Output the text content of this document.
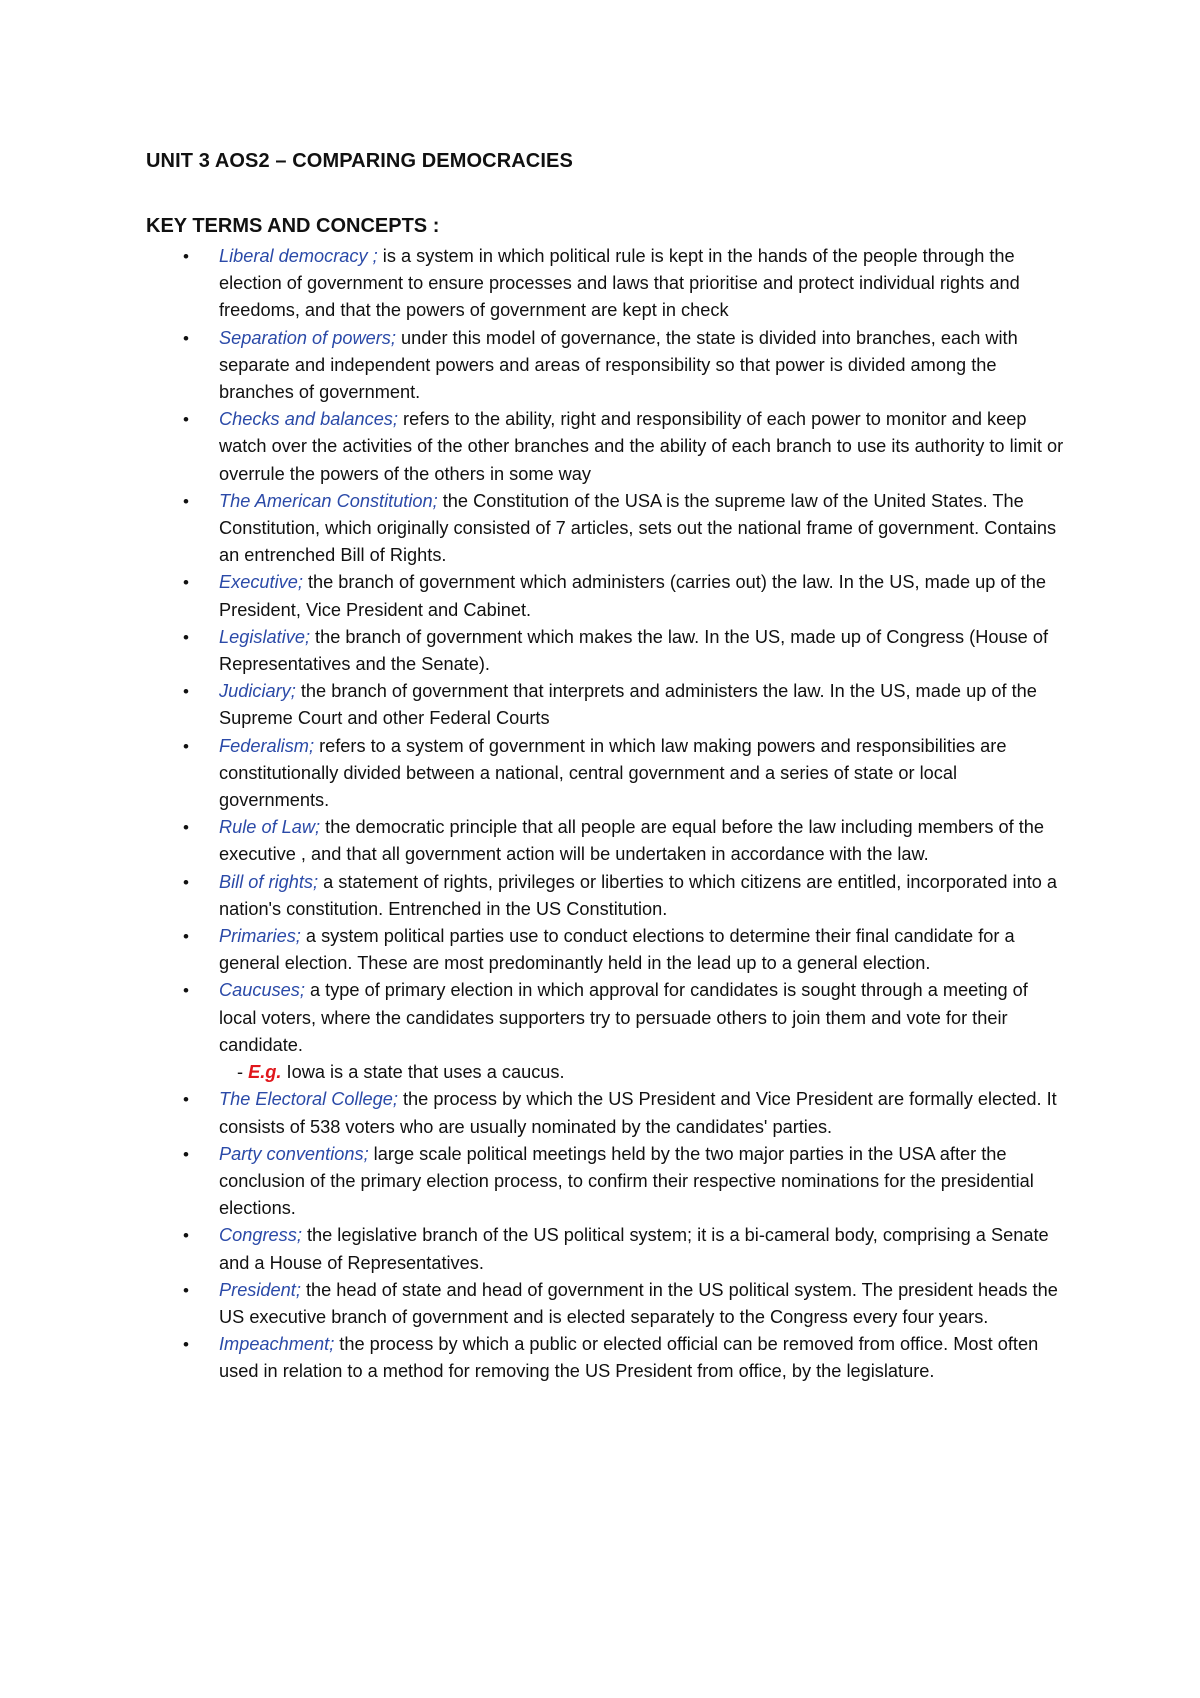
UNIT 3 AOS2 – COMPARING DEMOCRACIES
KEY TERMS AND CONCEPTS :
• Liberal democracy ; is a system in which political rule is kept in the hands of the people through the election of government to ensure processes and laws that prioritise and protect individual rights and freedoms, and that the powers of government are kept in check
• Separation of powers; under this model of governance, the state is divided into branches, each with separate and independent powers and areas of responsibility so that power is divided among the branches of government.
• Checks and balances; refers to the ability, right and responsibility of each power to monitor and keep watch over the activities of the other branches and the ability of each branch to use its authority to limit or overrule the powers of the others in some way
• The American Constitution; the Constitution of the USA is the supreme law of the United States. The Constitution, which originally consisted of 7 articles, sets out the national frame of government. Contains an entrenched Bill of Rights.
• Executive; the branch of government which administers (carries out) the law. In the US, made up of the President, Vice President and Cabinet.
• Legislative; the branch of government which makes the law. In the US, made up of Congress (House of Representatives and the Senate).
• Judiciary; the branch of government that interprets and administers the law. In the US, made up of the Supreme Court and other Federal Courts
• Federalism; refers to a system of government in which law making powers and responsibilities are constitutionally divided between a national, central government and a series of state or local governments.
• Rule of Law; the democratic principle that all people are equal before the law including members of the executive , and that all government action will be undertaken in accordance with the law.
• Bill of rights; a statement of rights, privileges or liberties to which citizens are entitled, incorporated into a nation's constitution. Entrenched in the US Constitution.
• Primaries; a system political parties use to conduct elections to determine their final candidate for a general election. These are most predominantly held in the lead up to a general election.
• Caucuses; a type of primary election in which approval for candidates is sought through a meeting of local voters, where the candidates supporters try to persuade others to join them and vote for their candidate.
- E.g. Iowa is a state that uses a caucus.
• The Electoral College; the process by which the US President and Vice President are formally elected. It consists of 538 voters who are usually nominated by the candidates' parties.
• Party conventions; large scale political meetings held by the two major parties in the USA after the conclusion of the primary election process, to confirm their respective nominations for the presidential elections.
• Congress; the legislative branch of the US political system; it is a bi-cameral body, comprising a Senate and a House of Representatives.
• President; the head of state and head of government in the US political system. The president heads the US executive branch of government and is elected separately to the Congress every four years.
• Impeachment; the process by which a public or elected official can be removed from office. Most often used in relation to a method for removing the US President from office, by the legislature.
